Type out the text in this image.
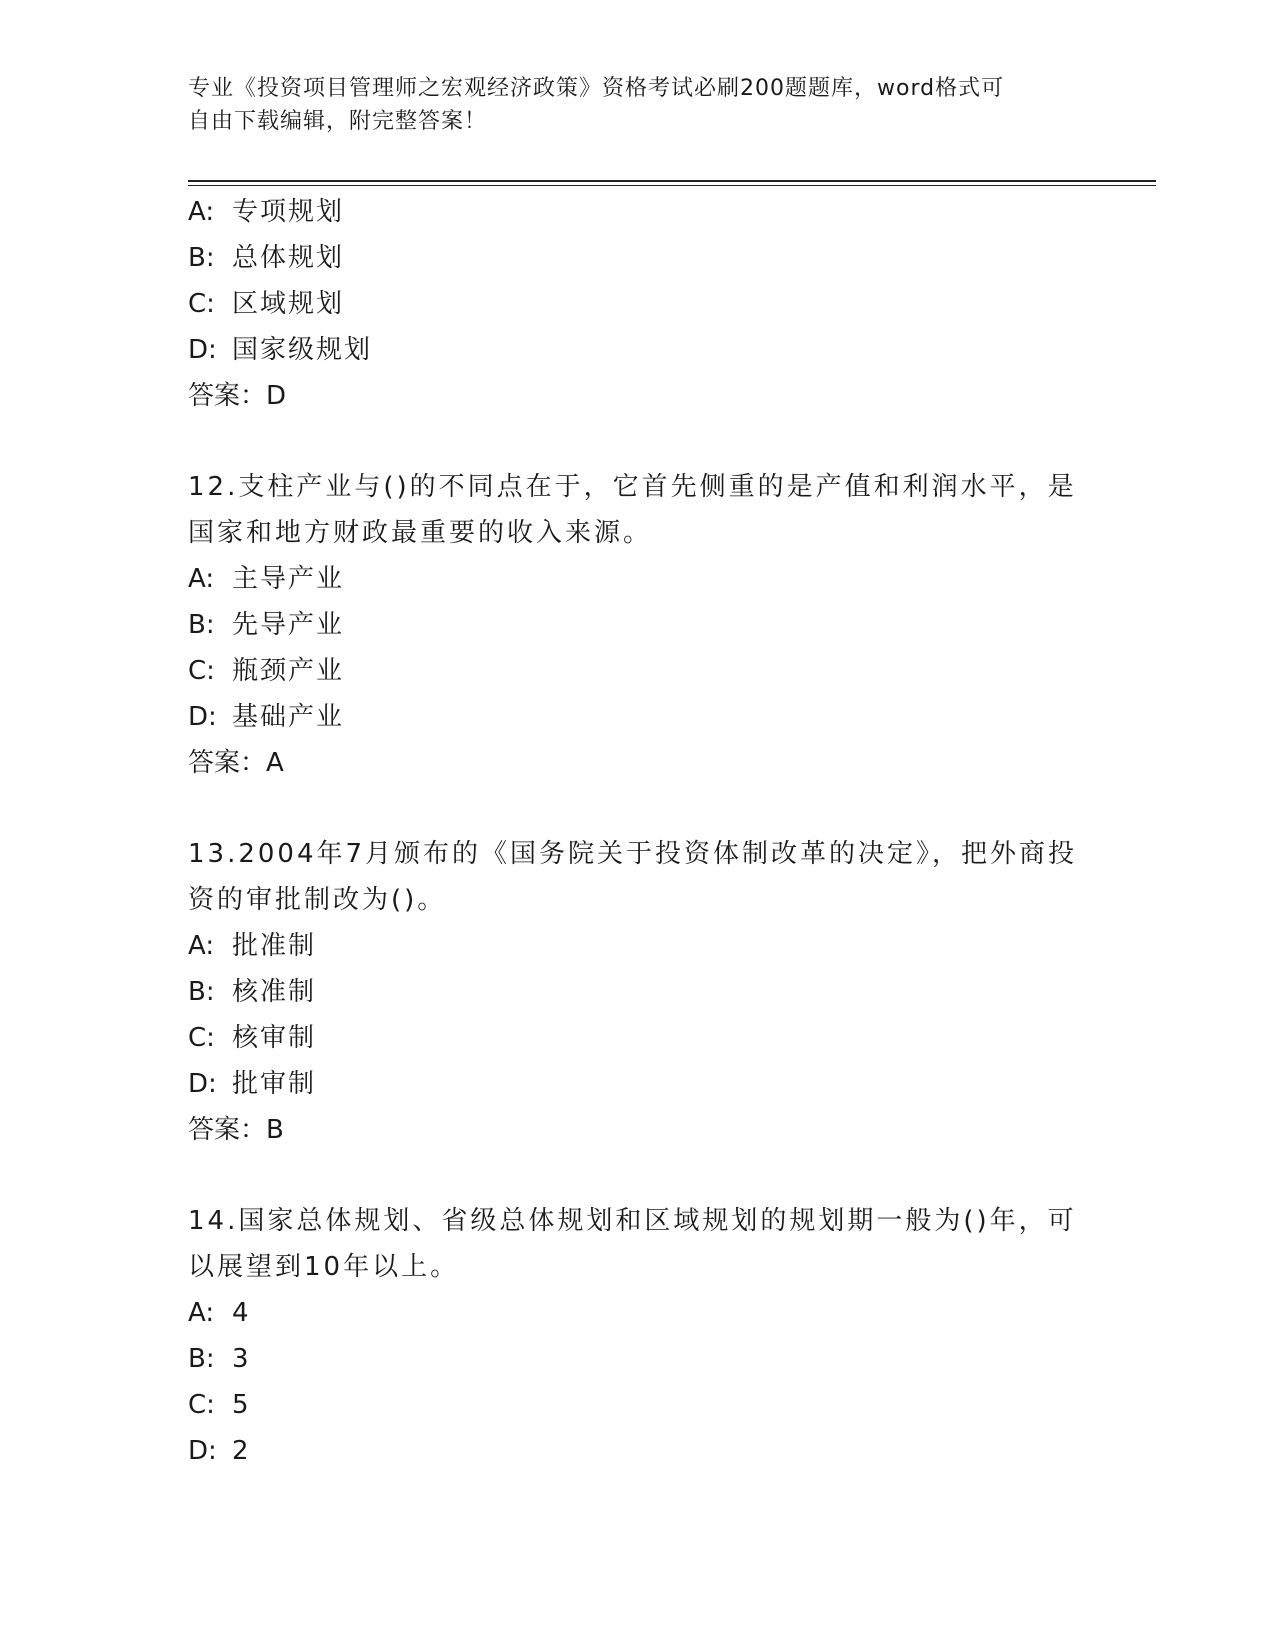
专业《投资项目管理师之宏观经济政策》资格考试必刷200题题库，word格式可
自由下载编辑，附完整答案！
A: 专项规划
B: 总体规划
C: 区域规划
D: 国家级规划
答案：D
12.支柱产业与()的不同点在于，它首先侧重的是产值和利润水平，是
国家和地方财政最重要的收入来源。
A: 主导产业
B: 先导产业
C: 瓶颈产业
D: 基础产业
答案：A
13.2004年7月颁布的《国务院关于投资体制改革的决定》，把外商投
资的审批制改为()。
A: 批准制
B: 核准制
C: 核审制
D: 批审制
答案：B
14.国家总体规划、省级总体规划和区域规划的规划期一般为()年，可
以展望到10年以上。
A: 4
B: 3
C: 5
D: 2
